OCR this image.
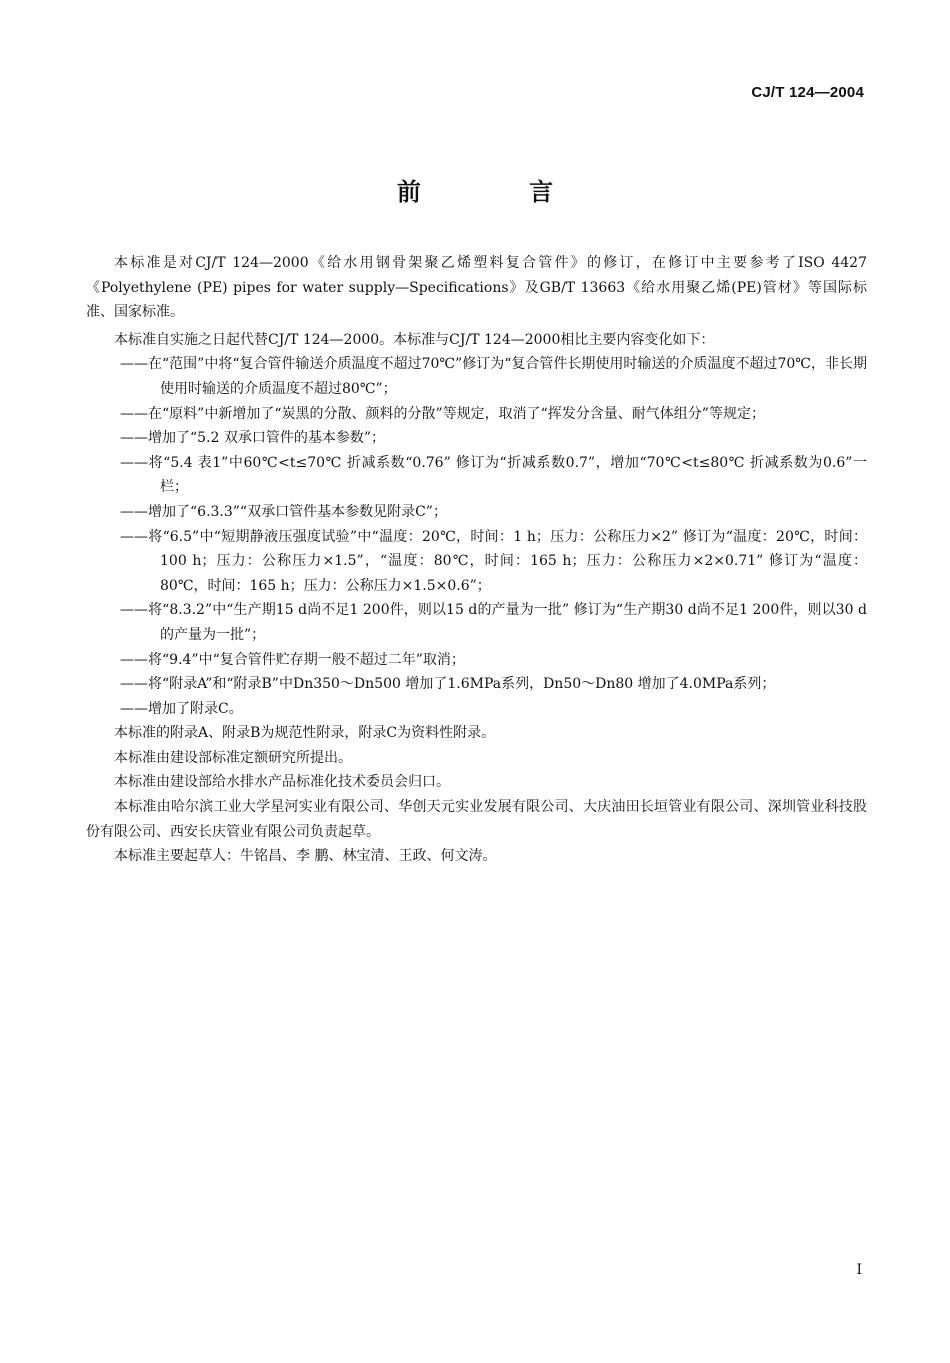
CJ/T 124—2004
前 言

本标准是对CJ/T 124—2000《给水用钢骨架聚乙烯塑料复合管件》的修订，在修订中主要参考了ISO 4427《Polyethylene (PE) pipes for water supply—Specifications》及GB/T 13663《给水用聚乙烯(PE)管材》等国际标准、国家标准。

本标准自实施之日起代替CJ/T 124—2000。本标准与CJ/T 124—2000相比主要内容变化如下：

——在“范围”中将“复合管件输送介质温度不超过70℃”修订为“复合管件长期使用时输送的介质温度不超过70℃，非长期使用时输送的介质温度不超过80℃”；

——在“原料”中新增加了“炭黑的分散、颜料的分散”等规定，取消了“挥发分含量、耐气体组分”等规定；

——增加了“5.2 双承口管件的基本参数”；

——将“5.4 表1”中60℃<t≤70℃ 折减系数“0.76” 修订为“折减系数0.7”，增加“70℃<t≤80℃ 折减系数为0.6”一栏；

——增加了“6.3.3”“双承口管件基本参数见附录C”；

——将“6.5”中“短期静液压强度试验”中“温度：20℃，时间：1 h；压力：公称压力×2” 修订为“温度：20℃，时间：100 h；压力：公称压力×1.5”，“温度：80℃，时间：165 h；压力：公称压力×2×0.71” 修订为“温度：80℃，时间：165 h；压力：公称压力×1.5×0.6”；

——将“8.3.2”中“生产期15 d尚不足1 200件，则以15 d的产量为一批” 修订为“生产期30 d尚不足1 200件，则以30 d的产量为一批”；

——将“9.4”中“复合管件贮存期一般不超过二年”取消；

——将“附录A”和“附录B”中Dn350～Dn500 增加了1.6MPa系列，Dn50～Dn80 增加了4.0MPa系列；

——增加了附录C。

本标准的附录A、附录B为规范性附录，附录C为资料性附录。

本标准由建设部标准定额研究所提出。

本标准由建设部给水排水产品标准化技术委员会归口。

本标准由哈尔滨工业大学星河实业有限公司、华创天元实业发展有限公司、大庆油田长垣管业有限公司、深圳管业科技股份有限公司、西安长庆管业有限公司负责起草。

本标准主要起草人：牛铭昌、李 鹏、林宝清、王政、何文涛。

I
